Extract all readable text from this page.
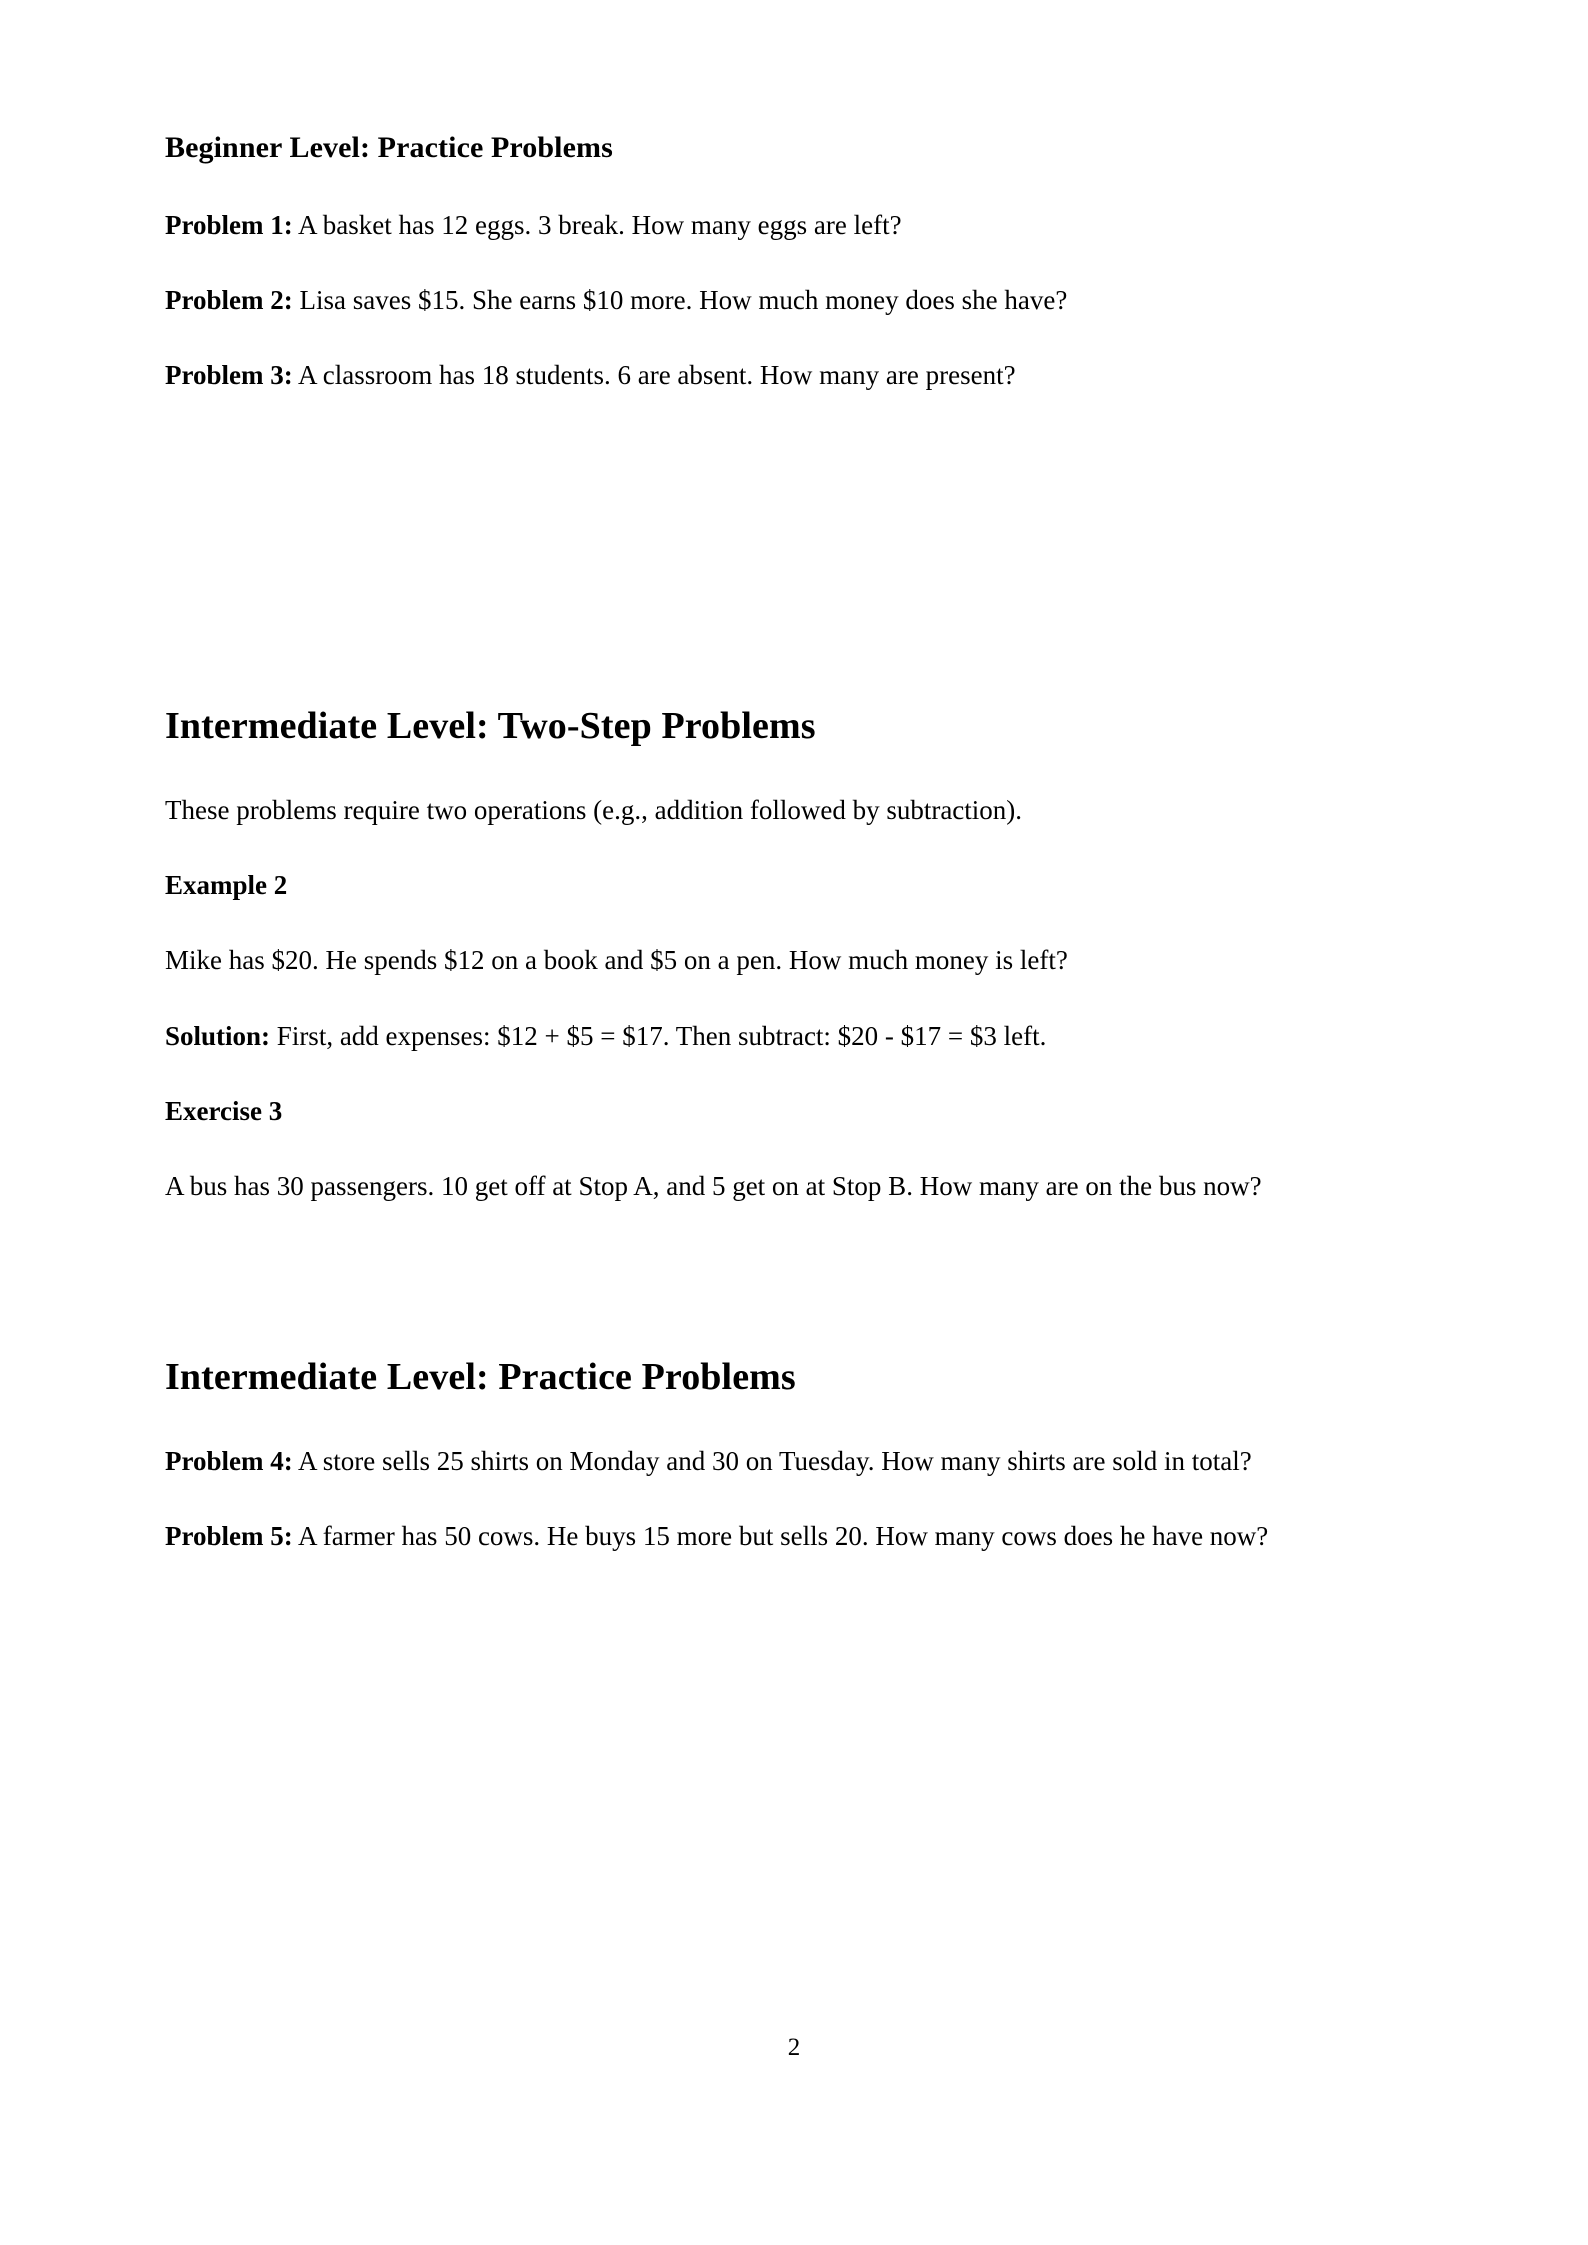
Beginner Level: Practice Problems

Problem 1: A basket has 12 eggs. 3 break. How many eggs are left?

Problem 2: Lisa saves $15. She earns $10 more. How much money does she have?

Problem 3: A classroom has 18 students. 6 are absent. How many are present?

Intermediate Level: Two-Step Problems

These problems require two operations (e.g., addition followed by subtraction).

Example 2

Mike has $20. He spends $12 on a book and $5 on a pen. How much money is left?

Solution: First, add expenses: $12 + $5 = $17. Then subtract: $20 - $17 = $3 left.

Exercise 3

A bus has 30 passengers. 10 get off at Stop A, and 5 get on at Stop B. How many are on the bus now?

Intermediate Level: Practice Problems

Problem 4: A store sells 25 shirts on Monday and 30 on Tuesday. How many shirts are sold in total?

Problem 5: A farmer has 50 cows. He buys 15 more but sells 20. How many cows does he have now?

2
